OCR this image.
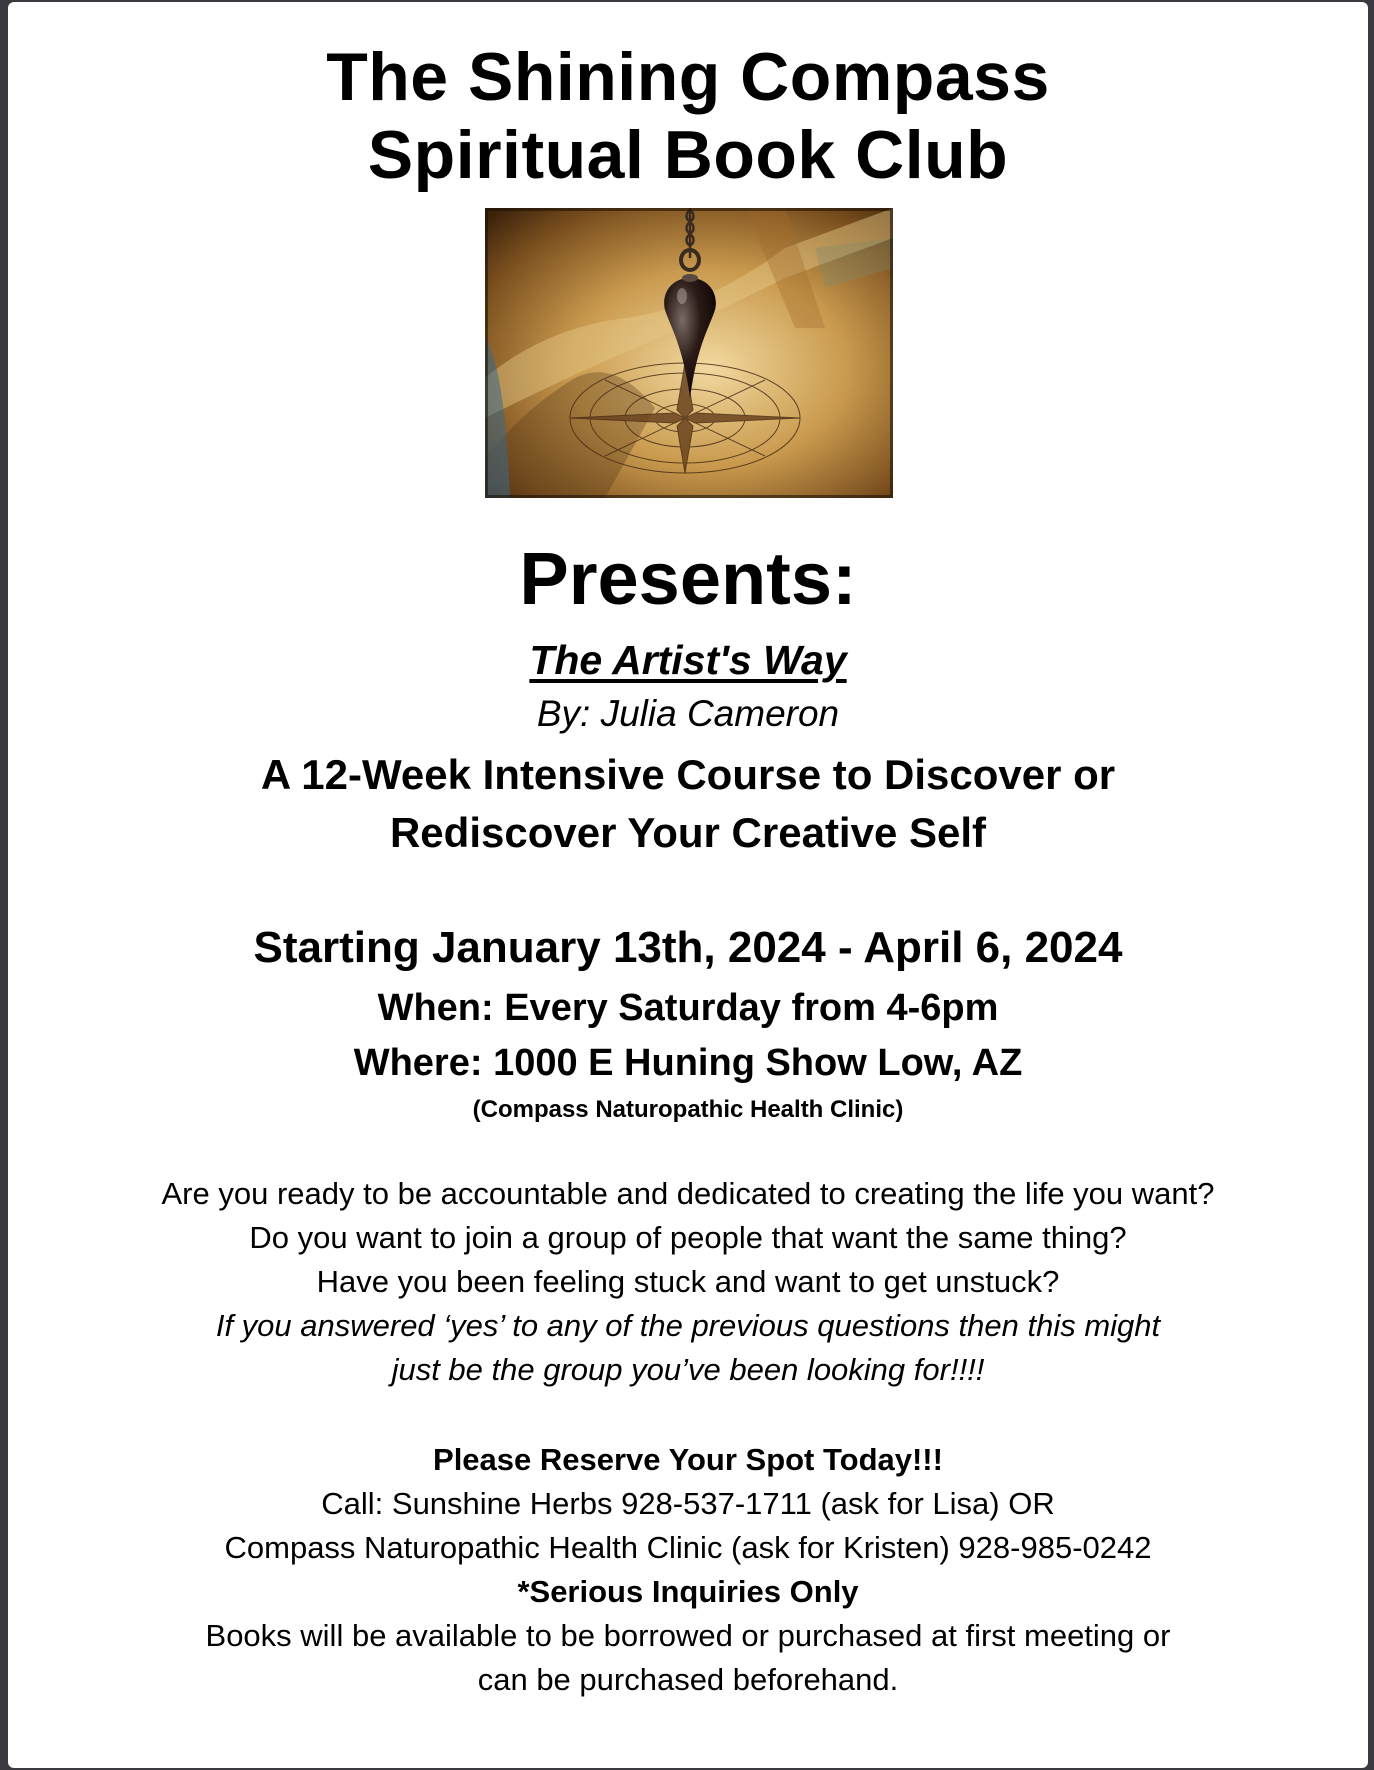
The Shining Compass
Spiritual Book Club
Presents:
The Artist's Way
By: Julia Cameron
A 12-Week Intensive Course to Discover or
Rediscover Your Creative Self
Starting January 13th, 2024 - April 6, 2024
When: Every Saturday from 4-6pm
Where: 1000 E Huning Show Low, AZ
(Compass Naturopathic Health Clinic)
Are you ready to be accountable and dedicated to creating the life you want?
Do you want to join a group of people that want the same thing?
Have you been feeling stuck and want to get unstuck?
If you answered ‘yes’ to any of the previous questions then this might
just be the group you’ve been looking for!!!!
Please Reserve Your Spot Today!!!
Call: Sunshine Herbs 928-537-1711 (ask for Lisa) OR
Compass Naturopathic Health Clinic (ask for Kristen) 928-985-0242
*Serious Inquiries Only
Books will be available to be borrowed or purchased at first meeting or
can be purchased beforehand.
